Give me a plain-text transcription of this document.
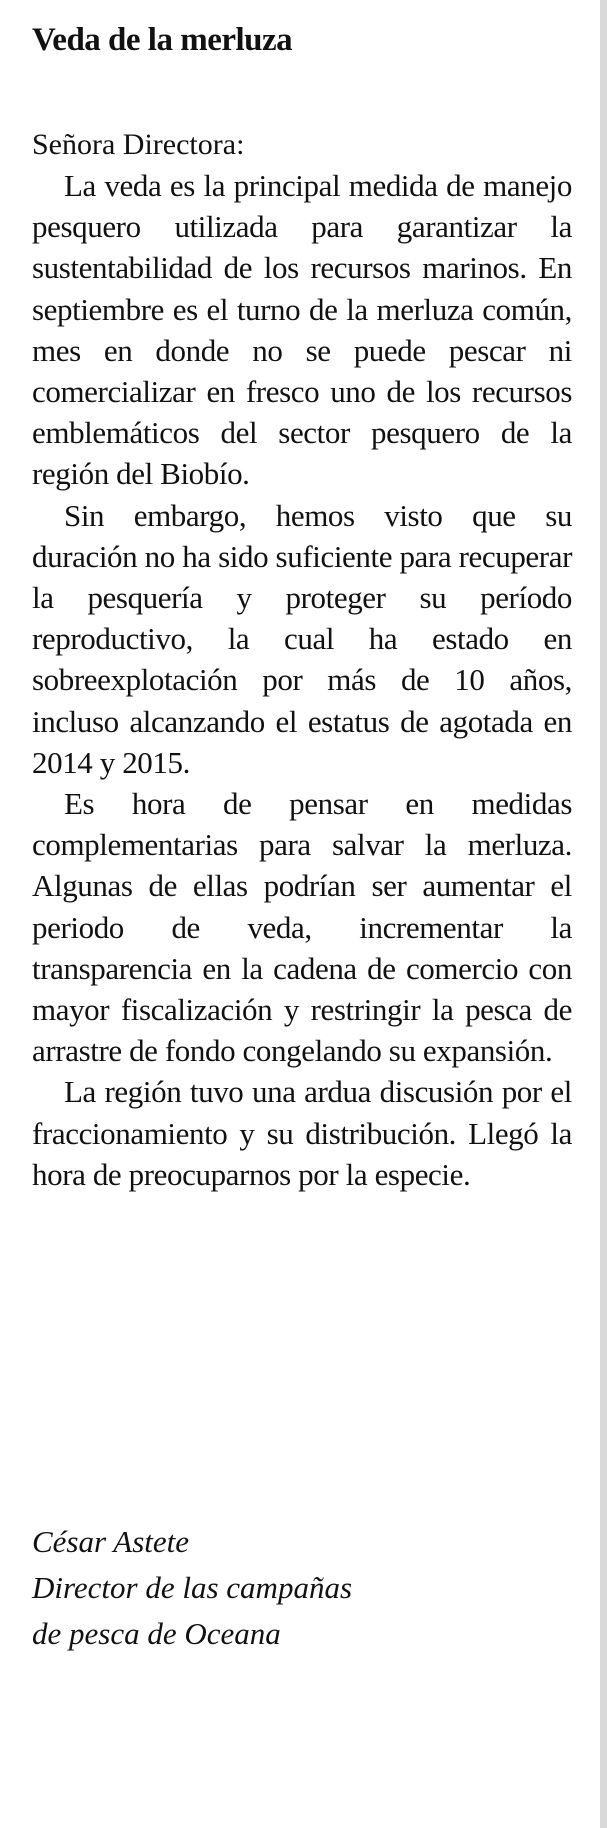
Veda de la merluza

Señora Directora:

La veda es la principal medida de manejo pesquero utilizada para garantizar la sustentabilidad de los recursos marinos. En septiembre es el turno de la merluza común, mes en donde no se puede pescar ni comercializar en fresco uno de los recursos emblemáticos del sector pesquero de la región del Biobío.

Sin embargo, hemos visto que su duración no ha sido suficiente para recuperar la pesquería y proteger su período reproductivo, la cual ha estado en sobreexplotación por más de 10 años, incluso alcanzando el estatus de agotada en 2014 y 2015.

Es hora de pensar en medidas complementarias para salvar la merluza. Algunas de ellas podrían ser aumentar el periodo de veda, incrementar la transparencia en la cadena de comercio con mayor fiscalización y restringir la pesca de arrastre de fondo congelando su expansión.

La región tuvo una ardua discusión por el fraccionamiento y su distribución. Llegó la hora de preocuparnos por la especie.

César Astete
Director de las campañas
de pesca de Oceana
